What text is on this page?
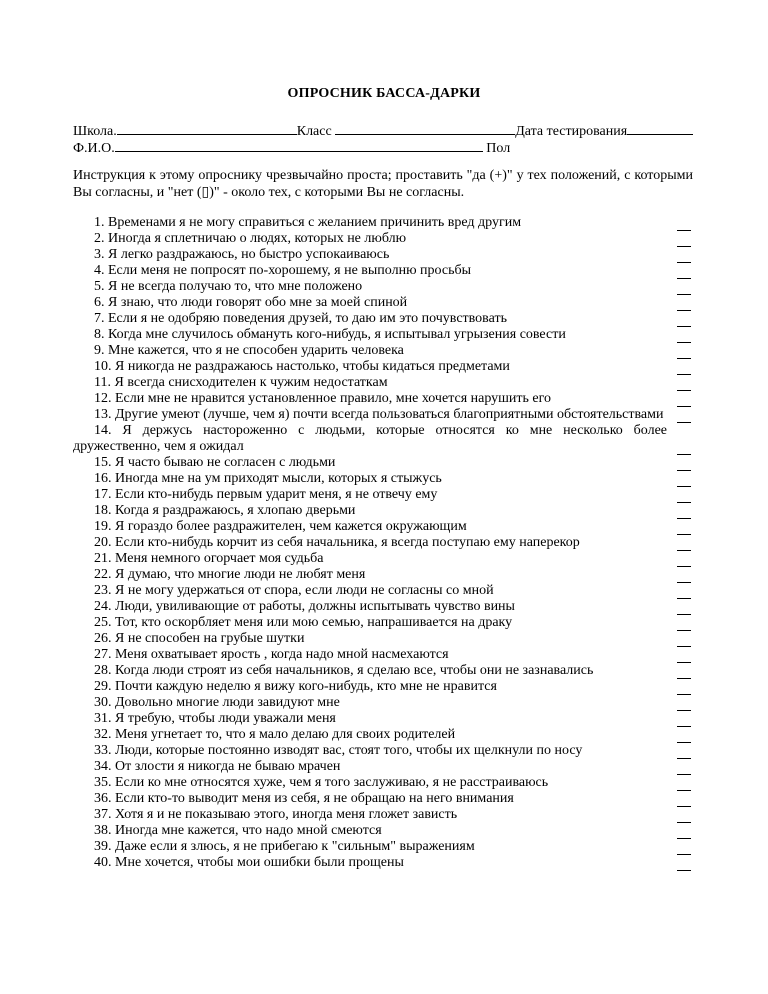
ОПРОСНИК БАССА-ДАРКИ
Школа.	Класс	Дата тестирования
Ф.И.О.	Пол
Инструкция к этому опроснику чрезвычайно проста; проставить "да (+)" у тех положений, с которыми Вы согласны, и "нет (▯)" - около тех, с которыми Вы не согласны.
1. Временами я не могу справиться с желанием причинить вред другим
2. Иногда я сплетничаю о людях, которых не люблю
3. Я легко раздражаюсь, но быстро успокаиваюсь
4. Если меня не попросят по-хорошему, я не выполню просьбы
5. Я не всегда получаю то, что мне положено
6. Я знаю, что люди говорят обо мне за моей спиной
7. Если я не одобряю поведения друзей, то даю им это почувствовать
8. Когда мне случилось обмануть кого-нибудь, я испытывал угрызения совести
9. Мне кажется, что я не способен ударить человека
10. Я никогда не раздражаюсь настолько, чтобы кидаться предметами
11. Я всегда снисходителен к чужим недостаткам
12. Если мне не нравится установленное правило, мне хочется нарушить его
13. Другие умеют (лучше, чем я) почти всегда пользоваться благоприятными обстоятельствами
14. Я держусь настороженно с людьми, которые относятся ко мне несколько более дружественно, чем я ожидал
15. Я часто бываю не согласен с людьми
16. Иногда мне на ум приходят мысли, которых я стыжусь
17. Если кто-нибудь первым ударит меня, я не отвечу ему
18. Когда я раздражаюсь, я хлопаю дверьми
19. Я гораздо более раздражителен, чем кажется окружающим
20. Если кто-нибудь корчит из себя начальника, я всегда поступаю ему наперекор
21. Меня немного огорчает моя судьба
22. Я думаю, что многие люди не любят меня
23. Я не могу удержаться от спора, если люди не согласны со мной
24. Люди, увиливающие от работы, должны испытывать чувство вины
25. Тот, кто оскорбляет меня или мою семью, напрашивается на драку
26. Я не способен на грубые шутки
27. Меня охватывает ярость , когда надо мной насмехаются
28. Когда люди строят из себя начальников, я сделаю все, чтобы они не зазнавались
29. Почти каждую неделю я вижу кого-нибудь, кто мне не нравится
30. Довольно многие люди завидуют мне
31. Я требую, чтобы люди уважали меня
32. Меня угнетает то, что я мало делаю для своих родителей
33. Люди, которые постоянно изводят вас, стоят того, чтобы их щелкнули по носу
34. От злости я никогда не бываю мрачен
35. Если ко мне относятся хуже, чем я того заслуживаю, я не расстраиваюсь
36. Если кто-то выводит меня из себя, я не обращаю на него внимания
37. Хотя я и не показываю этого, иногда меня гложет зависть
38. Иногда мне кажется, что надо мной смеются
39. Даже если я злюсь, я не прибегаю к "сильным" выражениям
40. Мне хочется, чтобы мои ошибки были прощены
